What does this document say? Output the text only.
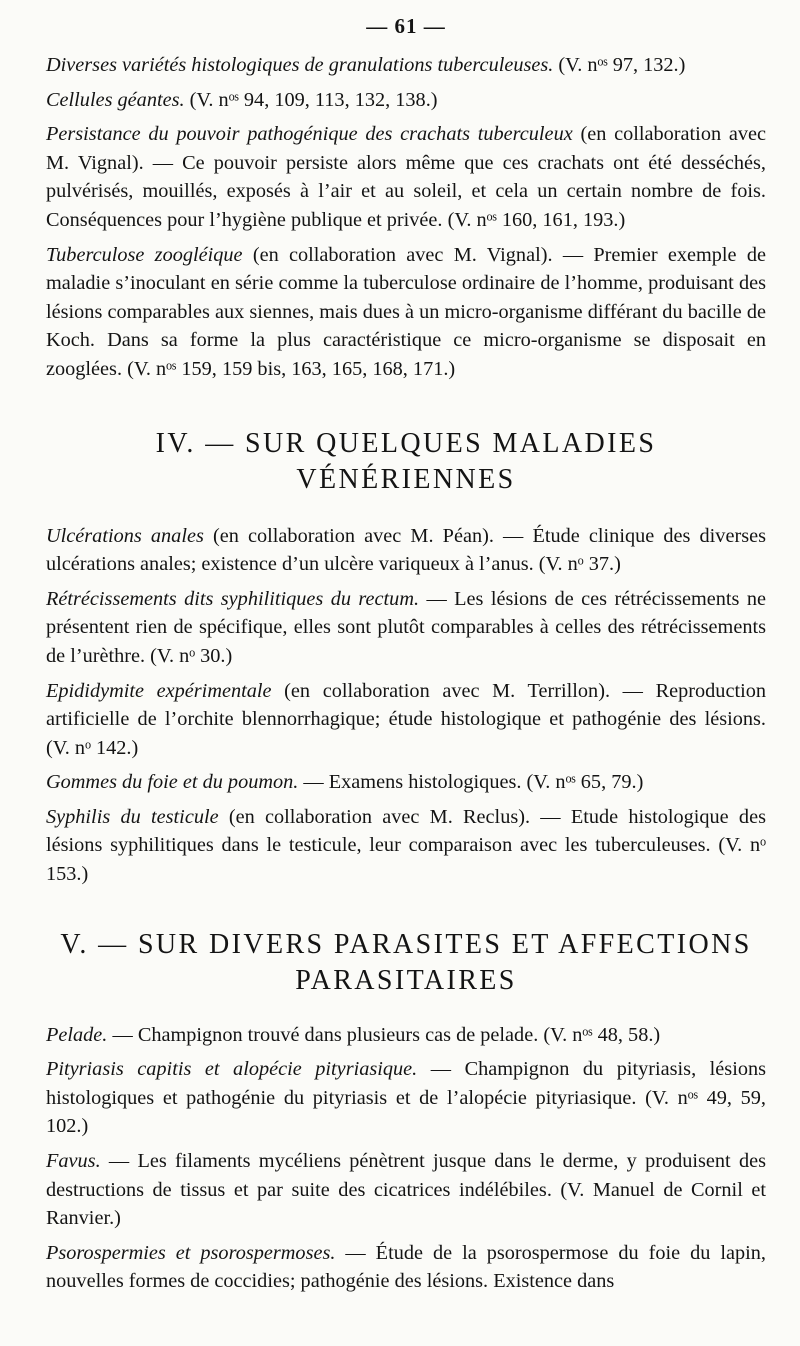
— 61 —

Diverses variétés histologiques de granulations tuberculeuses. (V. nᵒˢ 97, 132.)

Cellules géantes. (V. nᵒˢ 94, 109, 113, 132, 138.)

Persistance du pouvoir pathogénique des crachats tuberculeux (en collaboration avec M. Vignal). — Ce pouvoir persiste alors même que ces crachats ont été desséchés, pulvérisés, mouillés, exposés à l’air et au soleil, et cela un certain nombre de fois. Conséquences pour l’hygiène publique et privée. (V. nᵒˢ 160, 161, 193.)

Tuberculose zoogléique (en collaboration avec M. Vignal). — Premier exemple de maladie s’inoculant en série comme la tuberculose ordinaire de l’homme, produisant des lésions comparables aux siennes, mais dues à un micro-organisme différant du bacille de Koch. Dans sa forme la plus caractéristique ce micro-organisme se disposait en zooglées. (V. nᵒˢ 159, 159 bis, 163, 165, 168, 171.)

IV. — SUR QUELQUES MALADIES VÉNÉRIENNES

Ulcérations anales (en collaboration avec M. Péan). — Étude clinique des diverses ulcérations anales; existence d’un ulcère variqueux à l’anus. (V. nᵒ 37.)

Rétrécissements dits syphilitiques du rectum. — Les lésions de ces rétrécissements ne présentent rien de spécifique, elles sont plutôt comparables à celles des rétrécissements de l’urèthre. (V. nᵒ 30.)

Epididymite expérimentale (en collaboration avec M. Terrillon). — Reproduction artificielle de l’orchite blennorrhagique; étude histologique et pathogénie des lésions. (V. nᵒ 142.)

Gommes du foie et du poumon. — Examens histologiques. (V. nᵒˢ 65, 79.)

Syphilis du testicule (en collaboration avec M. Reclus). — Etude histologique des lésions syphilitiques dans le testicule, leur comparaison avec les tuberculeuses. (V. nᵒ 153.)

V. — SUR DIVERS PARASITES ET AFFECTIONS PARASITAIRES

Pelade. — Champignon trouvé dans plusieurs cas de pelade. (V. nᵒˢ 48, 58.)

Pityriasis capitis et alopécie pityriasique. — Champignon du pityriasis, lésions histologiques et pathogénie du pityriasis et de l’alopécie pityriasique. (V. nᵒˢ 49, 59, 102.)

Favus. — Les filaments mycéliens pénètrent jusque dans le derme, y produisent des destructions de tissus et par suite des cicatrices indélébiles. (V. Manuel de Cornil et Ranvier.)

Psorospermies et psorospermoses. — Étude de la psorospermose du foie du lapin, nouvelles formes de coccidies; pathogénie des lésions. Existence dans
